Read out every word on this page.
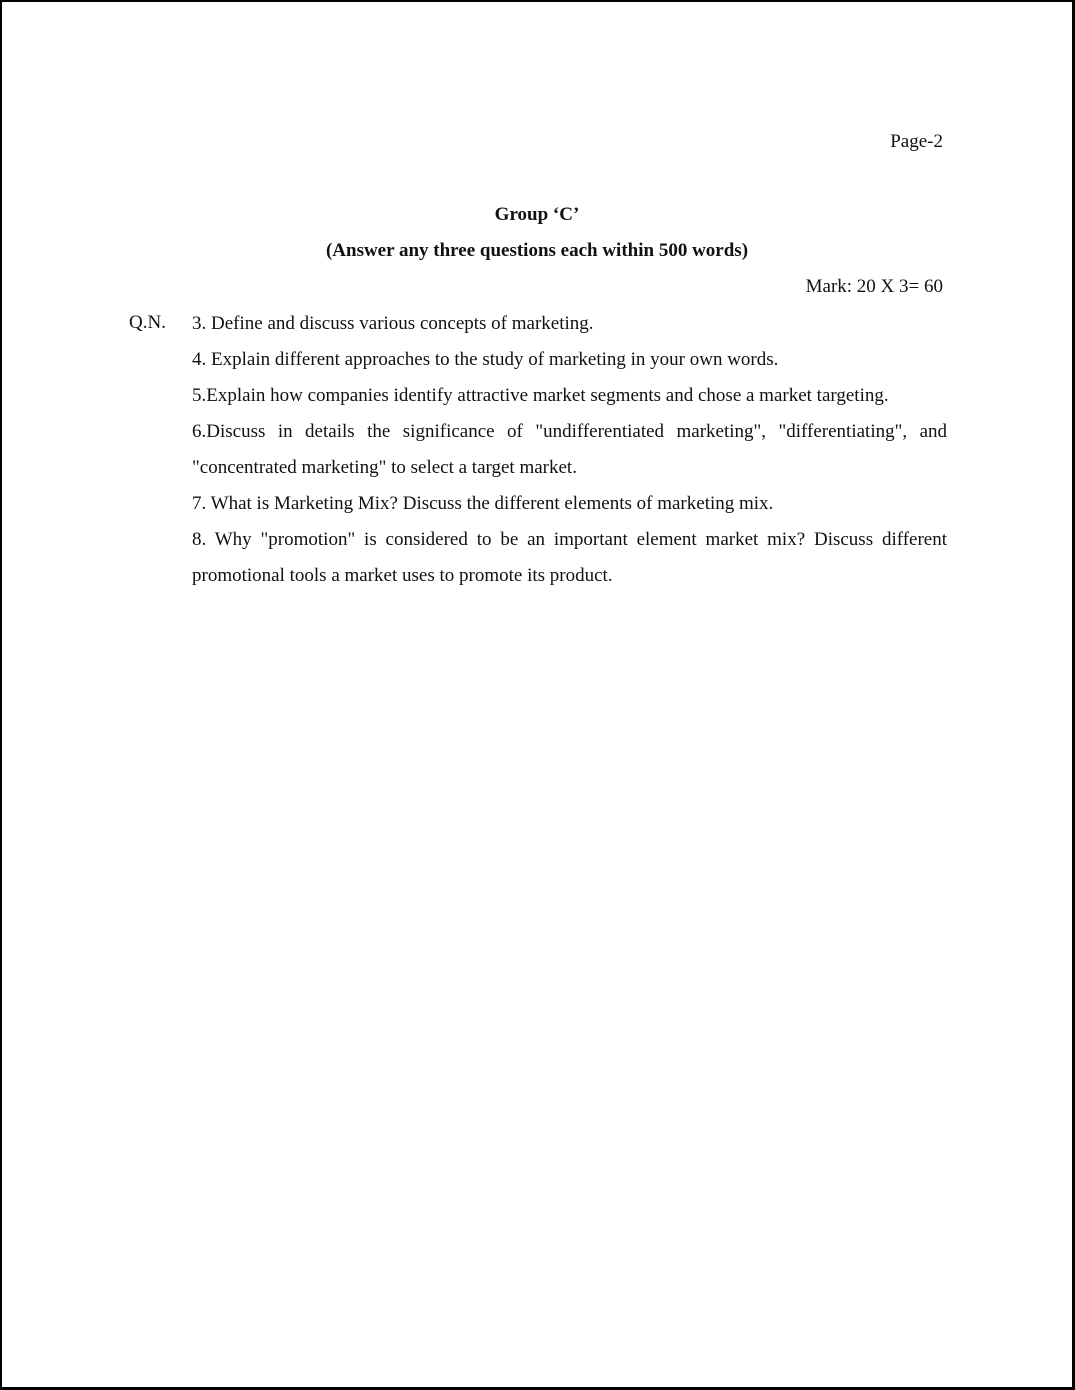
Page-2
Group ‘C’
(Answer any three questions each within 500 words)
Mark: 20 X 3= 60
Q.N. 3. Define and discuss various concepts of marketing.
4. Explain different approaches to the study of marketing in your own words.
5.Explain how companies identify attractive market segments and chose a market targeting.
6.Discuss in details the significance of "undifferentiated marketing", "differentiating", and "concentrated marketing" to select a target market.
7. What is Marketing Mix? Discuss the different elements of marketing mix.
8. Why "promotion" is considered to be an important element market mix? Discuss different promotional tools a market uses to promote its product.
